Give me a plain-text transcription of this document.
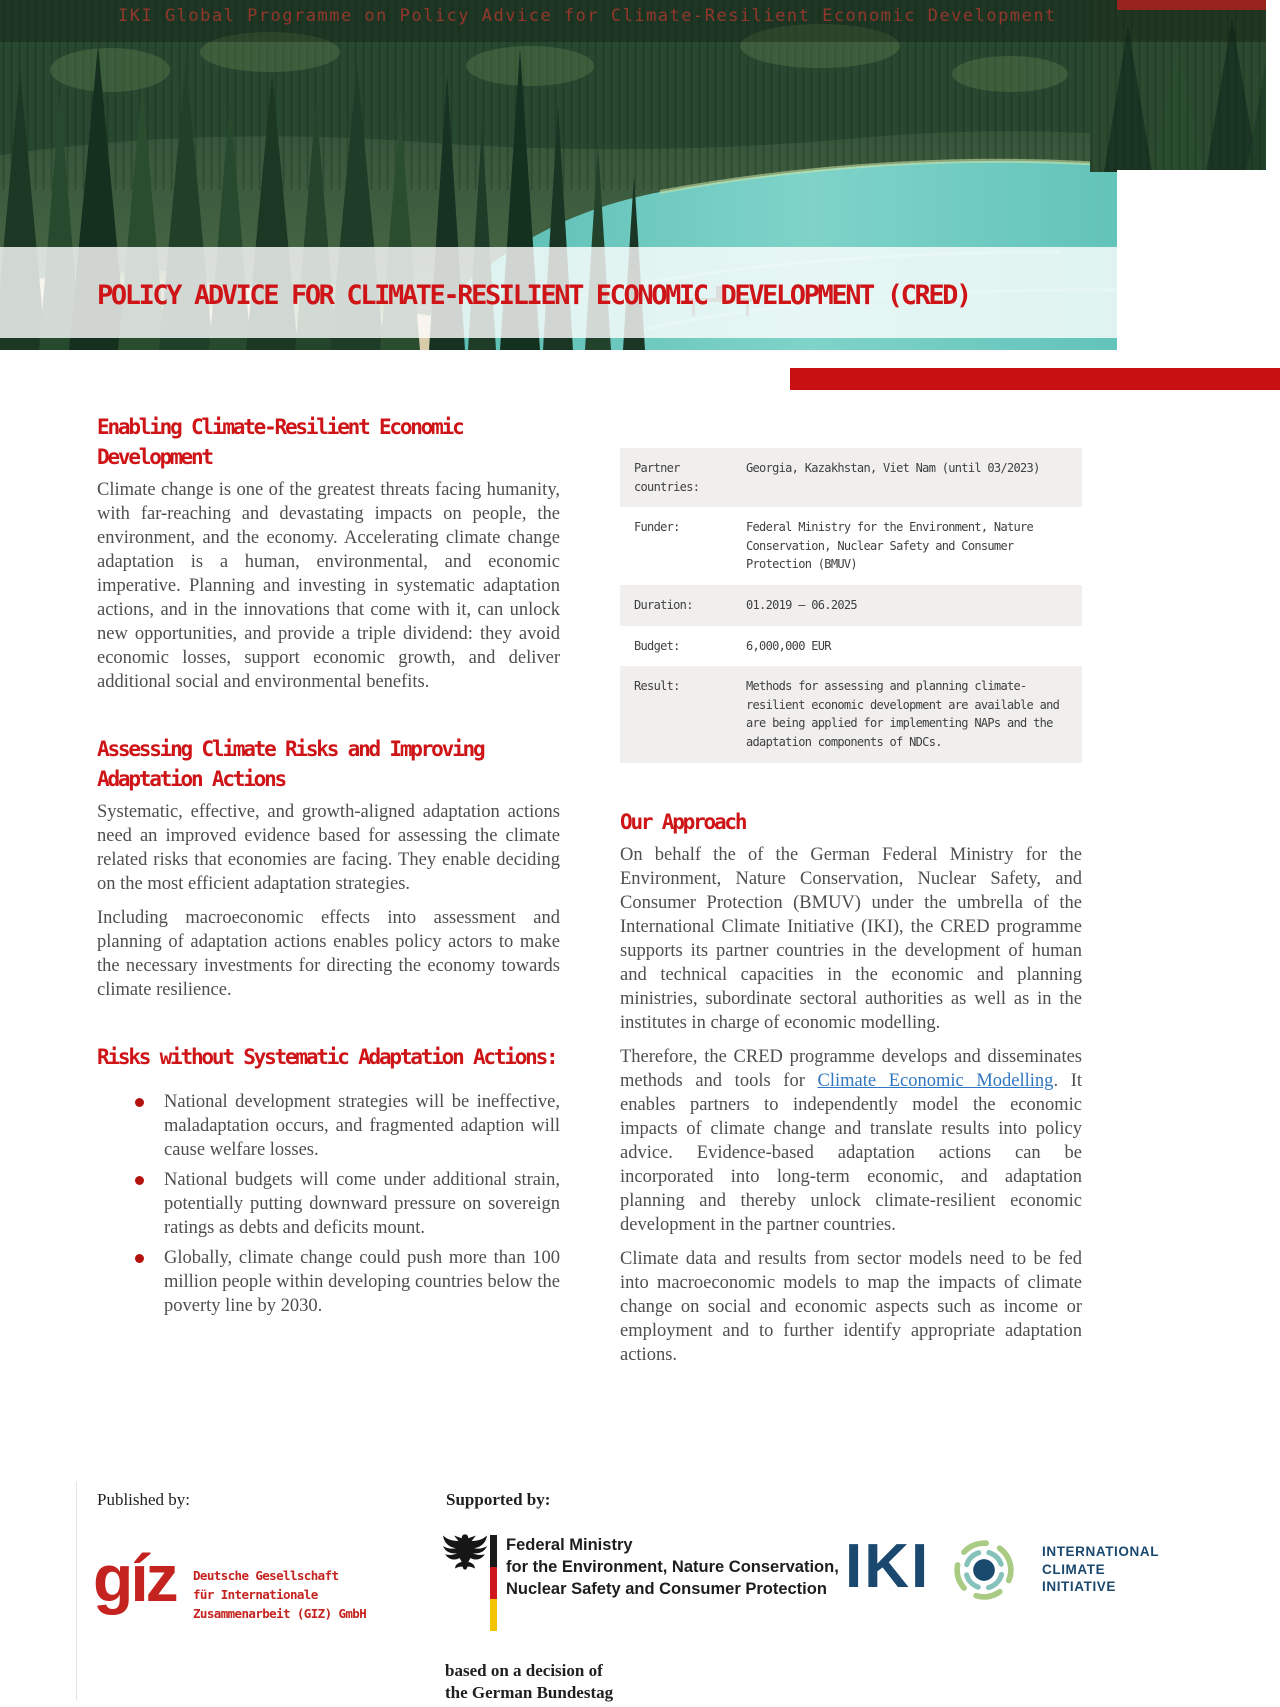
IKI Global Programme on Policy Advice for Climate-Resilient Economic Development
POLICY ADVICE FOR CLIMATE-RESILIENT ECONOMIC DEVELOPMENT (CRED)
Enabling Climate-Resilient Economic Development

Climate change is one of the greatest threats facing humanity, with far-reaching and devastating impacts on people, the environment, and the economy. Accelerating climate change adaptation is a human, environmental, and economic imperative. Planning and investing in systematic adaptation actions, and in the innovations that come with it, can unlock new opportunities, and provide a triple dividend: they avoid economic losses, support economic growth, and deliver additional social and environmental benefits.

Assessing Climate Risks and Improving Adaptation Actions

Systematic, effective, and growth-aligned adaptation actions need an improved evidence based for assessing the climate related risks that economies are facing. They enable deciding on the most efficient adaptation strategies.

Including macroeconomic effects into assessment and planning of adaptation actions enables policy actors to make the necessary investments for directing the economy towards climate resilience.

Risks without Systematic Adaptation Actions:
National development strategies will be ineffective, maladaptation occurs, and fragmented adaption will cause welfare losses.
National budgets will come under additional strain, potentially putting downward pressure on sovereign ratings as debts and deficits mount.
Globally, climate change could push more than 100 million people within developing countries below the poverty line by 2030.
Partner countries:
Georgia, Kazakhstan, Viet Nam (until 03/2023)
Funder:	Federal Ministry for the Environment, Nature Conservation, Nuclear Safety and Consumer Protection (BMUV)
Duration:	01.2019 – 06.2025
Budget:	6,000,000 EUR
Result:	Methods for assessing and planning climate-resilient economic development are available and are being applied for implementing NAPs and the adaptation components of NDCs.
Our Approach

On behalf the of the German Federal Ministry for the Environment, Nature Conservation, Nuclear Safety, and Consumer Protection (BMUV) under the umbrella of the International Climate Initiative (IKI), the CRED programme supports its partner countries in the development of human and technical capacities in the economic and planning ministries, subordinate sectoral authorities as well as in the institutes in charge of economic modelling.

Therefore, the CRED programme develops and disseminates methods and tools for Climate Economic Modelling. It enables partners to independently model the economic impacts of climate change and translate results into policy advice. Evidence-based adaptation actions can be incorporated into long-term economic, and adaptation planning and thereby unlock climate-resilient economic development in the partner countries.

Climate data and results from sector models need to be fed into macroeconomic models to map the impacts of climate change on social and economic aspects such as income or employment and to further identify appropriate adaptation actions.

Published by:
gíz Deutsche Gesellschaft
für Internationale
Zusammenarbeit (GIZ) GmbH
Supported by:
Federal Ministry
for the Environment, Nature Conservation,
Nuclear Safety and Consumer Protection
based on a decision of
the German Bundestag
IKI	INTERNATIONAL
CLIMATE
INITIATIVE
